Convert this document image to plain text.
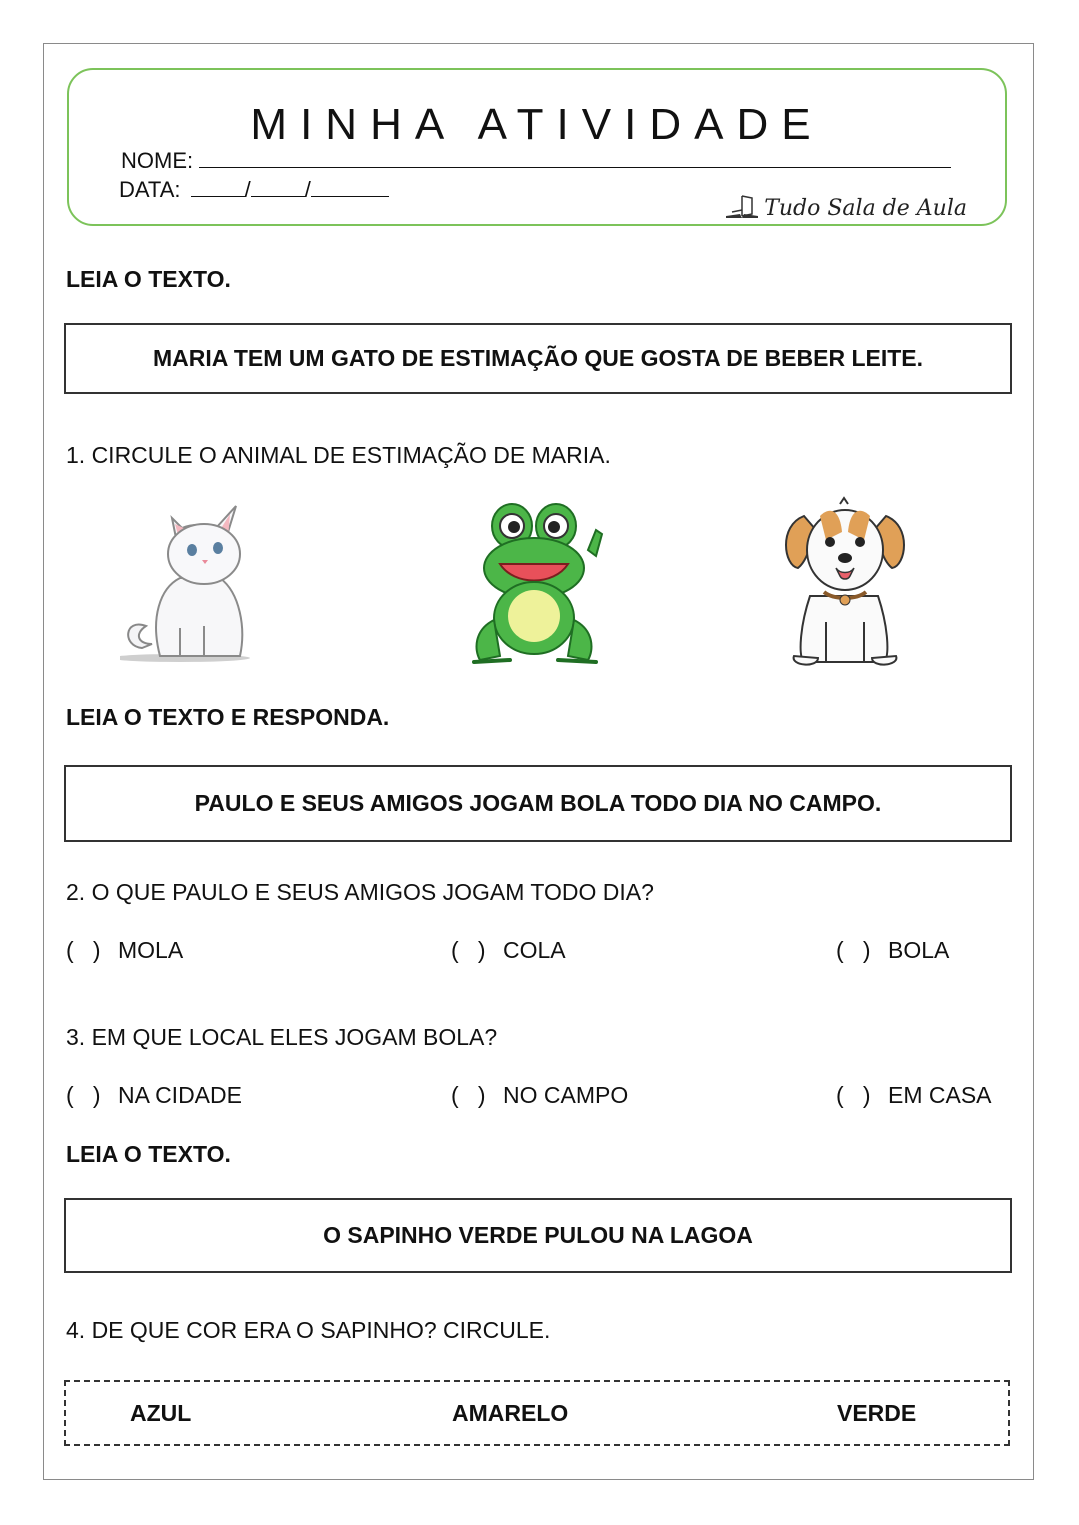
MINHA ATIVIDADE
NOME:
DATA:	/ /
Tudo Sala de Aula
LEIA O TEXTO.
MARIA TEM UM GATO DE ESTIMAÇÃO QUE GOSTA DE BEBER LEITE.
1. CIRCULE O ANIMAL DE ESTIMAÇÃO DE MARIA.
LEIA O TEXTO E RESPONDA.
PAULO E SEUS AMIGOS JOGAM BOLA TODO DIA NO CAMPO.
2. O QUE PAULO E SEUS AMIGOS JOGAM TODO DIA?
(   ) MOLA	(   ) COLA	(   ) BOLA
3. EM QUE LOCAL ELES JOGAM BOLA?
(   ) NA CIDADE	(   ) NO CAMPO	(   ) EM CASA
LEIA O TEXTO.
O SAPINHO VERDE PULOU NA LAGOA
4. DE QUE COR ERA O SAPINHO? CIRCULE.
AZUL	AMARELO	VERDE
